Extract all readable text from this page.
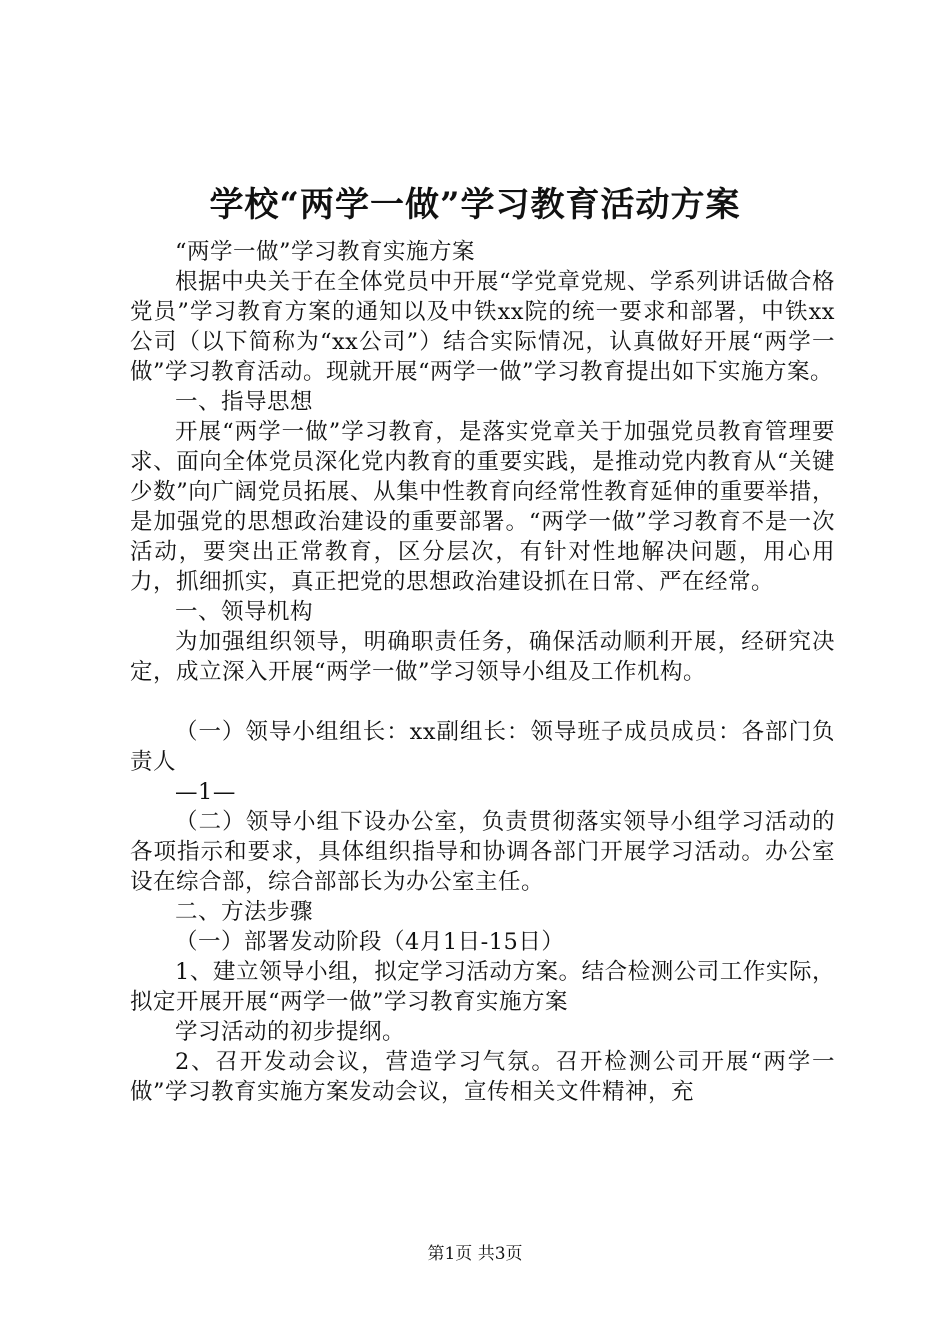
学校“两学一做”学习教育活动方案

“两学一做”学习教育实施方案

根据中央关于在全体党员中开展“学党章党规、学系列讲话做合格党员”学习教育方案的通知以及中铁xx院的统一要求和部署，中铁xx公司（以下简称为“xx公司”）结合实际情况，认真做好开展“两学一做”学习教育活动。现就开展“两学一做”学习教育提出如下实施方案。

一、指导思想

开展“两学一做”学习教育，是落实党章关于加强党员教育管理要求、面向全体党员深化党内教育的重要实践，是推动党内教育从“关键少数”向广阔党员拓展、从集中性教育向经常性教育延伸的重要举措，是加强党的思想政治建设的重要部署。“两学一做”学习教育不是一次活动，要突出正常教育，区分层次，有针对性地解决问题，用心用力，抓细抓实，真正把党的思想政治建设抓在日常、严在经常。

一、领导机构

为加强组织领导，明确职责任务，确保活动顺利开展，经研究决定，成立深入开展“两学一做”学习领导小组及工作机构。

（一）领导小组组长：xx副组长：领导班子成员成员：各部门负责人

—1—

（二）领导小组下设办公室，负责贯彻落实领导小组学习活动的各项指示和要求，具体组织指导和协调各部门开展学习活动。办公室设在综合部，综合部部长为办公室主任。

二、方法步骤

（一）部署发动阶段（4月1日-15日）

1、建立领导小组，拟定学习活动方案。结合检测公司工作实际，拟定开展开展“两学一做”学习教育实施方案

学习活动的初步提纲。

2、召开发动会议，营造学习气氛。召开检测公司开展“两学一做”学习教育实施方案发动会议，宣传相关文件精神，充

第1页 共3页
